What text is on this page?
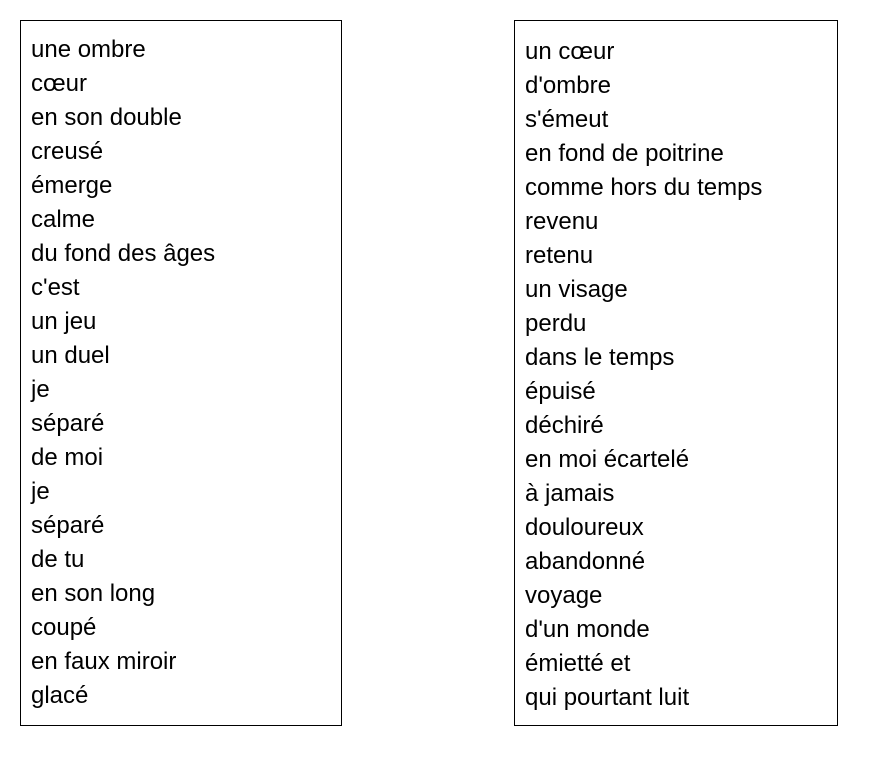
une ombre
cœur
en son double
creusé
émerge
calme
du fond des âges
c'est
un jeu
un duel
je
séparé
de moi
je
séparé
de tu
en son long
coupé
en faux miroir
glacé
un cœur
d'ombre
s'émeut
en fond de poitrine
comme hors du temps
revenu
retenu
un visage
perdu
dans le temps
épuisé
déchiré
en moi écartelé
à jamais
douloureux
abandonné
voyage
d'un monde
émietté et
qui pourtant luit
